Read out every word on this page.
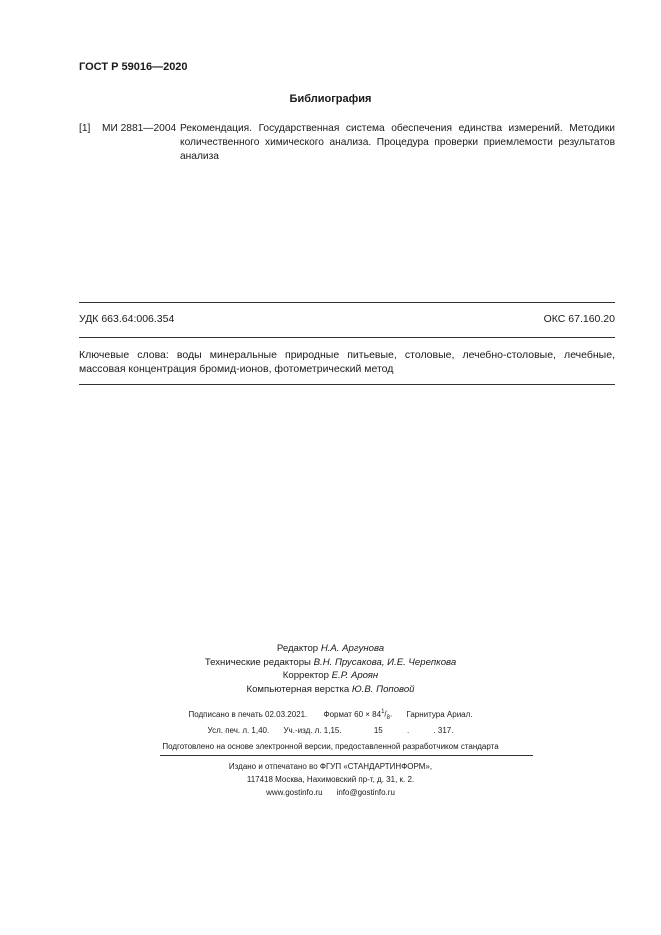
ГОСТ Р 59016—2020
Библиография
[1] МИ 2881—2004 Рекомендация. Государственная система обеспечения единства измерений. Методики количественного химического анализа. Процедура проверки приемлемости результатов анализа
УДК 663.64:006.354	ОКС 67.160.20
Ключевые слова: воды минеральные природные питьевые, столовые, лечебно-столовые, лечебные, массовая концентрация бромид-ионов, фотометрический метод
Редактор Н.А. Аргунова
Технические редакторы В.Н. Прусакова, И.Е. Черепкова
Корректор Е.Р. Ароян
Компьютерная верстка Ю.В. Поповой
Подписано в печать 02.03.2021. Формат 60 × 841/8. Гарнитура Ариал.
Усл. печ. л. 1,40. Уч.-изд. л. 1,15.	15	.	. 317.
Подготовлено на основе электронной версии, предоставленной разработчиком стандарта
Издано и отпечатано во ФГУП «СТАНДАРТИНФОРМ»,
117418 Москва, Нахимовский пр-т, д. 31, к. 2.
www.gostinfo.ru info@gostinfo.ru
